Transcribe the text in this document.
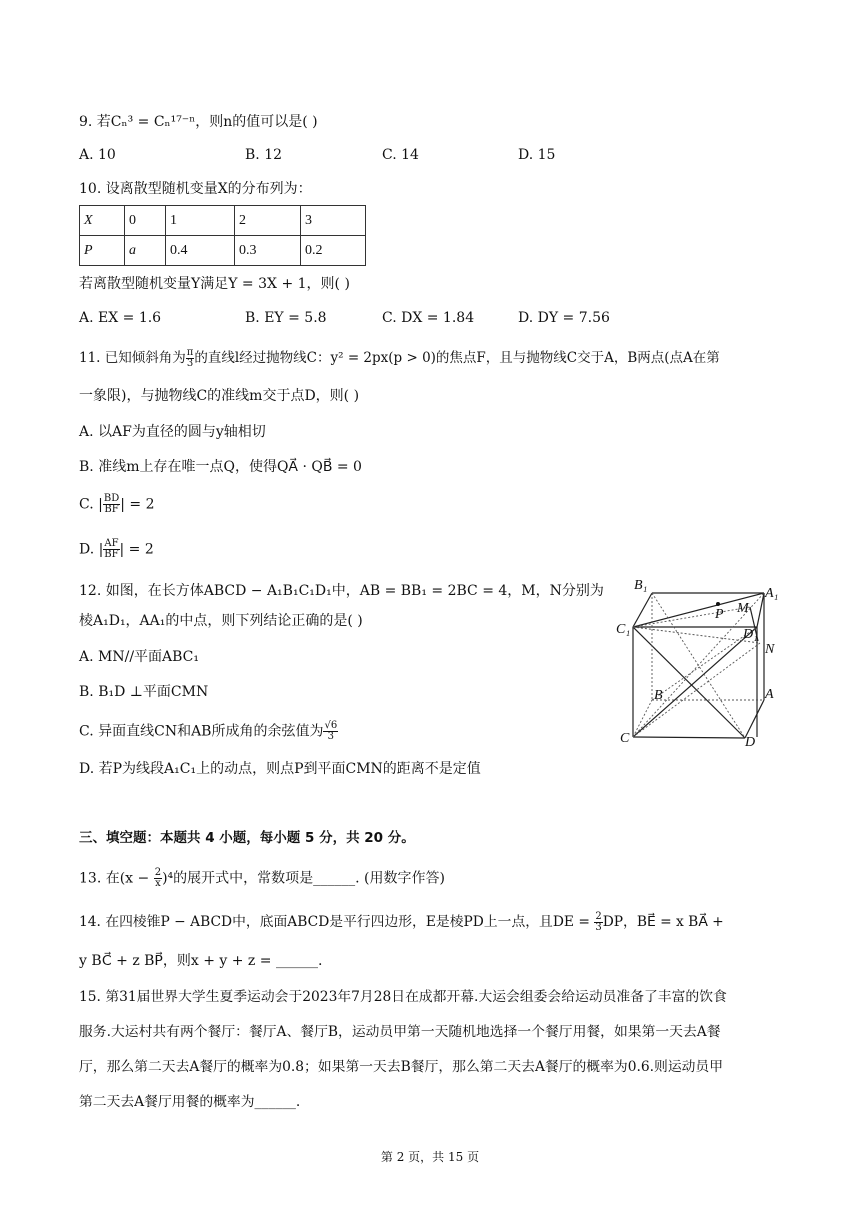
9. 若Cₙ³ = Cₙ¹⁷⁻ⁿ，则n的值可以是( )
A. 10	B. 12	C. 14	D. 15
10. 设离散型随机变量X的分布列为：
X	0	1	2	3
P	a	0.4	0.3	0.2
若离散型随机变量Y满足Y = 3X + 1，则( )
A. EX = 1.6	B. EY = 5.8	C. DX = 1.84	D. DY = 7.56
11. 已知倾斜角为 $\frac{\pi}{3}$ 的直线l经过抛物线C：y² = 2px(p > 0)的焦点F，且与抛物线C交于A，B两点(点A在第
一象限)，与抛物线C的准线m交于点D，则( )
A. 以AF为直径的圆与y轴相切
B. 准线m上存在唯一点Q，使得QA⃗ · QB⃗ = 0
C. | $\frac{BD}{BF}$ | = 2
D. | $\frac{AF}{BF}$ | = 2
12. 如图，在长方体ABCD − A₁B₁C₁D₁中，AB = BB₁ = 2BC = 4，M，N分别为
棱A₁D₁，AA₁的中点，则下列结论正确的是( )
A. MN//平面ABC₁
B. B₁D ⊥平面CMN
C. 异面直线CN和AB所成角的余弦值为 $\frac{√6}{3}$
D. 若P为线段A₁C₁上的动点，则点P到平面CMN的距离不是定值
B₁
A₁
P M
C₁	D₁
N
B	A
C	D
三、填空题：本题共 4 小题，每小题 5 分，共 20 分。
13. 在$(x - \frac{2}{x} )^4$的展开式中，常数项是______. (用数字作答)
14. 在四棱锥P − ABCD中，底面ABCD是平行四边形，E是棱PD上一点，且DE = $\frac{2}{3}$ DP，BE⃗ = x BA⃗ +
y BC⃗ + z BP⃗，则x + y + z = ______.
15. 第31届世界大学生夏季运动会于2023年7月28日在成都开幕.大运会组委会给运动员准备了丰富的饮食
服务.大运村共有两个餐厅：餐厅A、餐厅B，运动员甲第一天随机地选择一个餐厅用餐，如果第一天去A餐
厅，那么第二天去A餐厅的概率为0.8；如果第一天去B餐厅，那么第二天去A餐厅的概率为0.6.则运动员甲
第二天去A餐厅用餐的概率为______.
第 2 页，共 15 页
